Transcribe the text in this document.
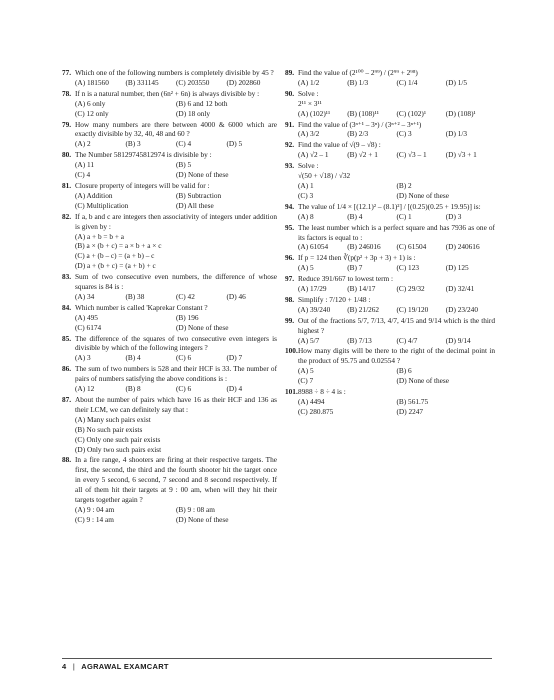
77. Which one of the following numbers is completely divisible by 45 ?
(A) 181560	(B) 331145	(C) 203550	(D) 202860
78. If n is a natural number, then (6n² + 6n) is always divisible by :
(A) 6 only	(B) 6 and 12 both
(C) 12 only	(D) 18 only
79. How many numbers are there between 4000 & 6000 which are exactly divisible by 32, 40, 48 and 60 ?
(A) 2	(B) 3	(C) 4	(D) 5
80. The Number 58129745812974 is divisible by :
(A) 11	(B) 5
(C) 4	(D) None of these
81. Closure property of integers will be valid for :
(A) Addition	(B) Subtraction
(C) Multiplication	(D) All these
82. If a, b and c are integers then associativity of integers under addition is given by :
(A) a + b = b + a
(B) a × (b + c) = a × b + a × c
(C) a + (b – c) = (a + b) – c
(D) a + (b + c) = (a + b) + c
83. Sum of two consecutive even numbers, the difference of whose squares is 84 is :
(A) 34	(B) 38	(C) 42	(D) 46
84. Which number is called 'Kaprekar Constant ?
(A) 495	(B) 196
(C) 6174	(D) None of these
85. The difference of the squares of two consecutive even integers is divisible by which of the following integers ?
(A) 3	(B) 4	(C) 6	(D) 7
86. The sum of two numbers is 528 and their HCF is 33. The number of pairs of numbers satisfying the above conditions is :
(A) 12	(B) 8	(C) 6	(D) 4
87. About the number of pairs which have 16 as their HCF and 136 as their LCM, we can definitely say that :
(A) Many such pairs exist
(B) No such pair exists
(C) Only one such pair exists
(D) Only two such pairs exist
88. In a fire range, 4 shooters are firing at their respective targets. The first, the second, the third and the fourth shooter hit the target once in every 5 second, 6 second, 7 second and 8 second respectively. If all of them hit their targets at 9 : 00 am, when will they hit their targets together again ?
(A) 9 : 04 am	(B) 9 : 08 am
(C) 9 : 14 am	(D) None of these
89. Find the value of (2¹⁰⁰ – 2⁹⁹) / (2⁹⁹ + 2⁹⁸)
(A) 1/2	(B) 1/3	(C) 1/4	(D) 1/5
90. Solve :
2¹¹ × 3¹¹
(A) (102)¹¹	(B) (108)¹¹	(C) (102)¹	(D) (108)¹
91. Find the value of (3ⁿ⁺¹ – 3ⁿ) / (3ⁿ⁺² – 3ⁿ⁺¹)
(A) 3/2	(B) 2/3	(C) 3	(D) 1/3
92. Find the value of √(9 – √8) :
(A) √2 – 1	(B) √2 + 1	(C) √3 – 1	(D) √3 + 1
93. Solve :
√(50 + √18) / √32
(A) 1	(B) 2
(C) 3	(D) None of these
94. The value of 1/4 × [(12.1)² – (8.1)²] / [(0.25)(0.25 + 19.95)] is:
(A) 8	(B) 4	(C) 1	(D) 3
95. The least number which is a perfect square and has 7936 as one of its factors is equal to :
(A) 61054	(B) 246016	(C) 61504	(D) 240616
96. If p = 124 then ∛(p(p² + 3p + 3) + 1) is :
(A) 5	(B) 7	(C) 123	(D) 125
97. Reduce 391/667 to lowest term :
(A) 17/29	(B) 14/17	(C) 29/32	(D) 32/41
98. Simplify : 7/120 + 1/48 :
(A) 39/240	(B) 21/262	(C) 19/120	(D) 23/240
99. Out of the fractions 5/7, 7/13, 4/7, 4/15 and 9/14 which is the third highest ?
(A) 5/7	(B) 7/13	(C) 4/7	(D) 9/14
100. How many digits will be there to the right of the decimal point in the product of 95.75 and 0.02554 ?
(A) 5	(B) 6
(C) 7	(D) None of these
101. 8988 ÷ 8 ÷ 4 is :
(A) 4494	(B) 561.75
(C) 280.875	(D) 2247
4 | AGRAWAL EXAMCART
